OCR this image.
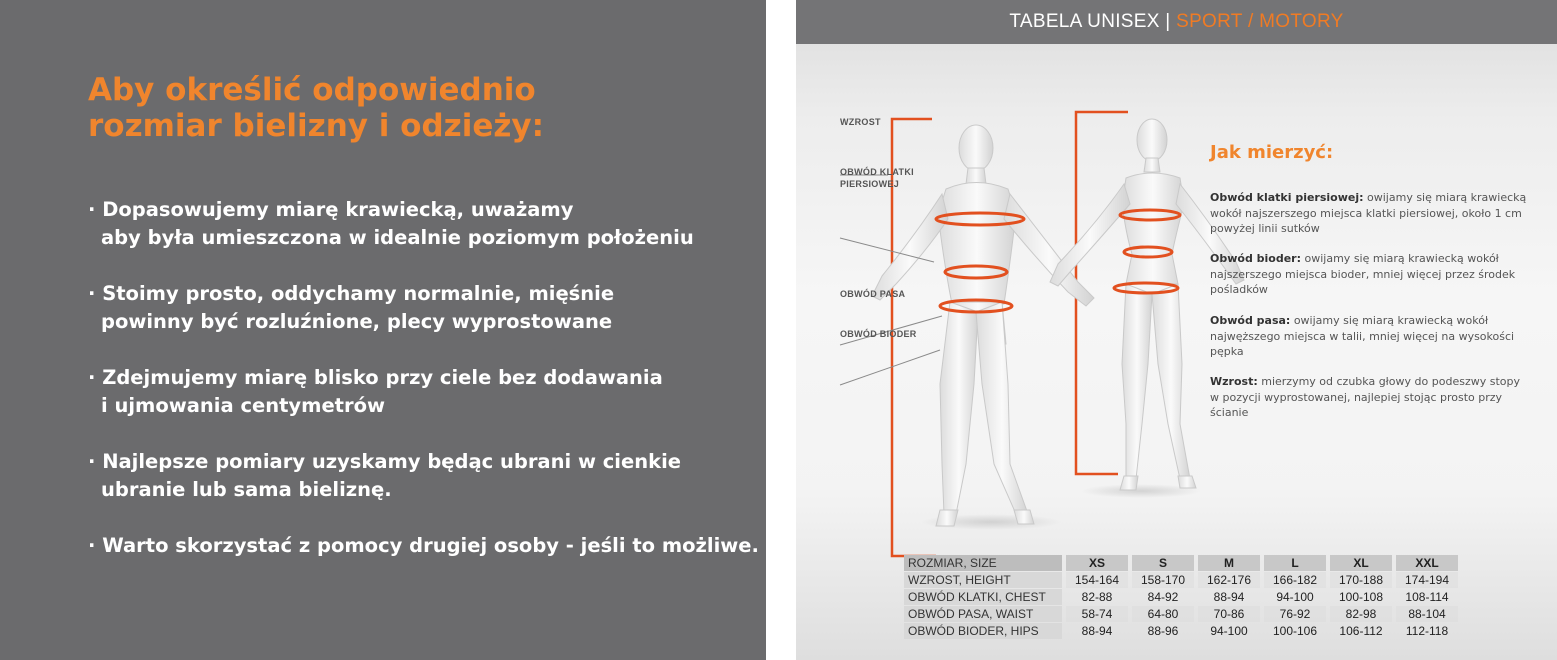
Aby określić odpowiednio
rozmiar bielizny i odzieży:
· Dopasowujemy miarę krawiecką, uważamy
aby była umieszczona w idealnie poziomym położeniu
· Stoimy prosto, oddychamy normalnie, mięśnie
powinny być rozluźnione, plecy wyprostowane
· Zdejmujemy miarę blisko przy ciele bez dodawania
i ujmowania centymetrów
· Najlepsze pomiary uzyskamy będąc ubrani w cienkie
ubranie lub sama bieliznę.
· Warto skorzystać z pomocy drugiej osoby - jeśli to możliwe.
TABELA UNISEX | SPORT / MOTORY
WZROST
OBWÓD KLATKI
PIERSIOWEJ
OBWÓD PASA
OBWÓD BIODER
Jak mierzyć:
Obwód klatki piersiowej: owijamy się miarą krawiecką wokół najszerszego miejsca klatki piersiowej, około 1 cm powyżej linii sutków
Obwód bioder: owijamy się miarą krawiecką wokół najszerszego miejsca bioder, mniej więcej przez środek pośladków
Obwód pasa: owijamy się miarą krawiecką wokół najwęższego miejsca w talii, mniej więcej na wysokości pępka
Wzrost: mierzymy od czubka głowy do podeszwy stopy w pozycji wyprostowanej, najlepiej stojąc prosto przy ścianie
ROZMIAR, SIZE	XS	S	M	L	XL	XXL
WZROST, HEIGHT	154-164	158-170	162-176	166-182	170-188	174-194
OBWÓD KLATKI, CHEST	82-88	84-92	88-94	94-100	100-108	108-114
OBWÓD PASA, WAIST	58-74	64-80	70-86	76-92	82-98	88-104
OBWÓD BIODER, HIPS	88-94	88-96	94-100	100-106	106-112	112-118
